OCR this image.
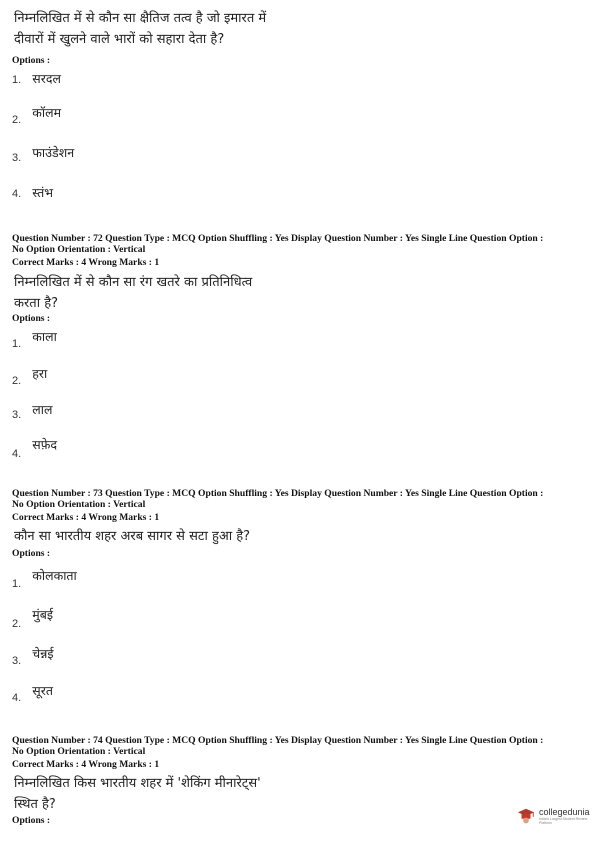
निम्नलिखित में से कौन सा क्षैतिज तत्व है जो इमारत में
दीवारों में खुलने वाले भारों को सहारा देता है?
Options :
1. सरदल
2. $^{कॉलम}$
3. $^{फाउंडेशन}$
4. स्तंभ
Question Number : 72 Question Type : MCQ Option Shuffling : Yes Display Question Number : Yes Single Line Question Option :
No Option Orientation : Vertical
Correct Marks : 4 Wrong Marks : 1
निम्नलिखित में से कौन सा रंग खतरे का प्रतिनिधित्व
करता है?
Options :
$_{1.}$ काला
$_{2.}$ हरा
$_{3.}$ लाल
$_{4.}$ सफ़ेद
Question Number : 73 Question Type : MCQ Option Shuffling : Yes Display Question Number : Yes Single Line Question Option :
No Option Orientation : Vertical
Correct Marks : 4 Wrong Marks : 1
कौन सा भारतीय शहर अरब सागर से सटा हुआ है?
Options :
$_{1.}$ कोलकाता
$_{2.}$ मुंबई
$_{3.}$ चेन्नई
$_{4.}$ सूरत
Question Number : 74 Question Type : MCQ Option Shuffling : Yes Display Question Number : Yes Single Line Question Option :
No Option Orientation : Vertical
Correct Marks : 4 Wrong Marks : 1
निम्नलिखित किस भारतीय शहर में 'शेकिंग मीनारेट्स'
स्थित है?
Options :
collegedunia
India's Largest Student Review Platform
